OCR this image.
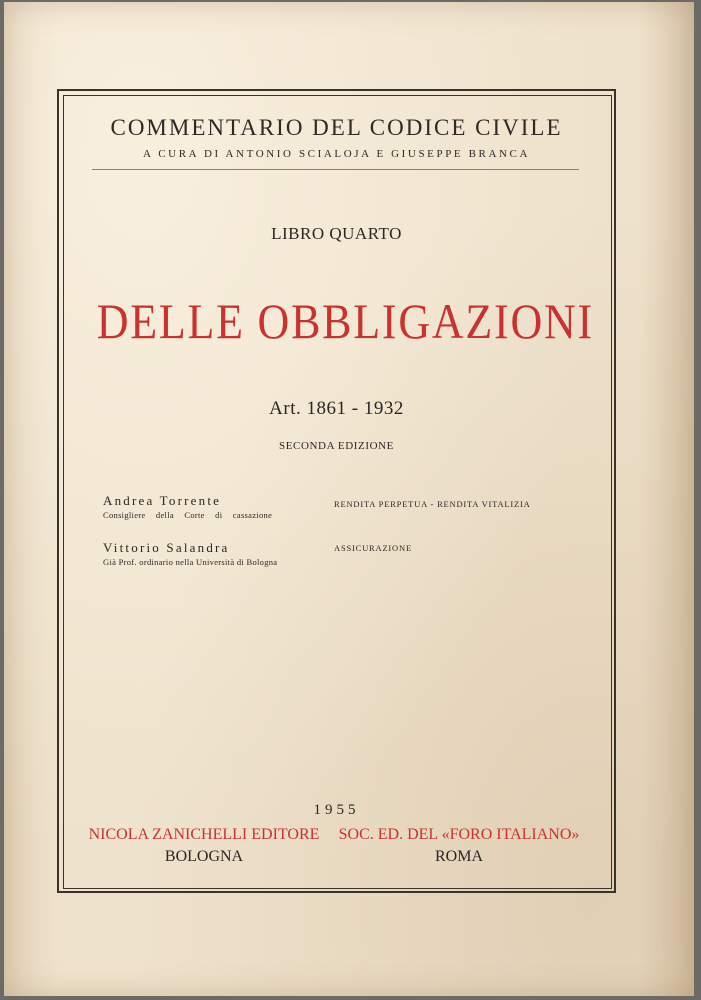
COMMENTARIO DEL CODICE CIVILE
A CURA DI ANTONIO SCIALOJA E GIUSEPPE BRANCA
LIBRO QUARTO
DELLE OBBLIGAZIONI
Art. 1861 - 1932
SECONDA EDIZIONE
Andrea Torrente
Consigliere della Corte di cassazione
RENDITA PERPETUA - RENDITA VITALIZIA
Vittorio Salandra
Già Prof. ordinario nella Università di Bologna
ASSICURAZIONE
1955
NICOLA ZANICHELLI EDITORE SOC. ED. DEL «FORO ITALIANO»
BOLOGNA	ROMA
